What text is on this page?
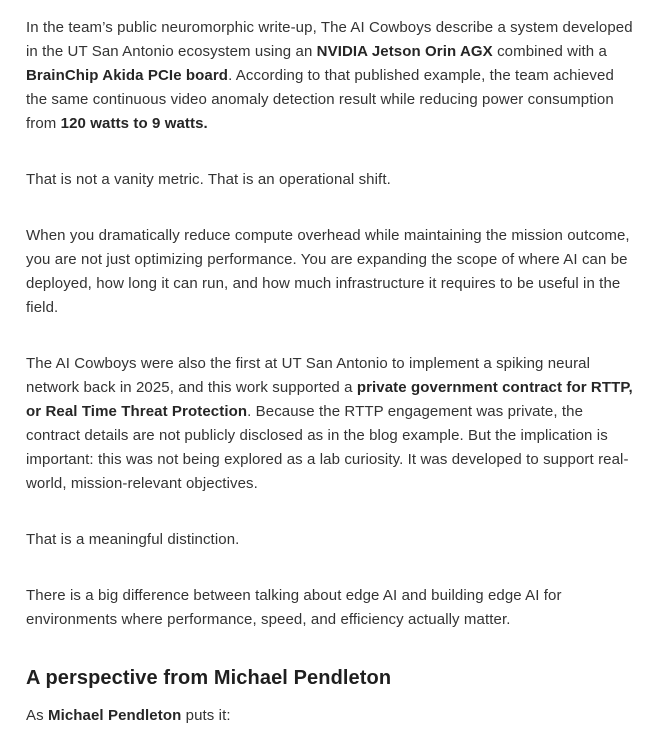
In the team’s public neuromorphic write-up, The AI Cowboys describe a system developed in the UT San Antonio ecosystem using an NVIDIA Jetson Orin AGX combined with a BrainChip Akida PCIe board. According to that published example, the team achieved the same continuous video anomaly detection result while reducing power consumption from 120 watts to 9 watts.

That is not a vanity metric. That is an operational shift.

When you dramatically reduce compute overhead while maintaining the mission outcome, you are not just optimizing performance. You are expanding the scope of where AI can be deployed, how long it can run, and how much infrastructure it requires to be useful in the field.

The AI Cowboys were also the first at UT San Antonio to implement a spiking neural network back in 2025, and this work supported a private government contract for RTTP, or Real Time Threat Protection. Because the RTTP engagement was private, the contract details are not publicly disclosed as in the blog example. But the implication is important: this was not being explored as a lab curiosity. It was developed to support real-world, mission-relevant objectives.

That is a meaningful distinction.

There is a big difference between talking about edge AI and building edge AI for environments where performance, speed, and efficiency actually matter.

A perspective from Michael Pendleton

As Michael Pendleton puts it:
